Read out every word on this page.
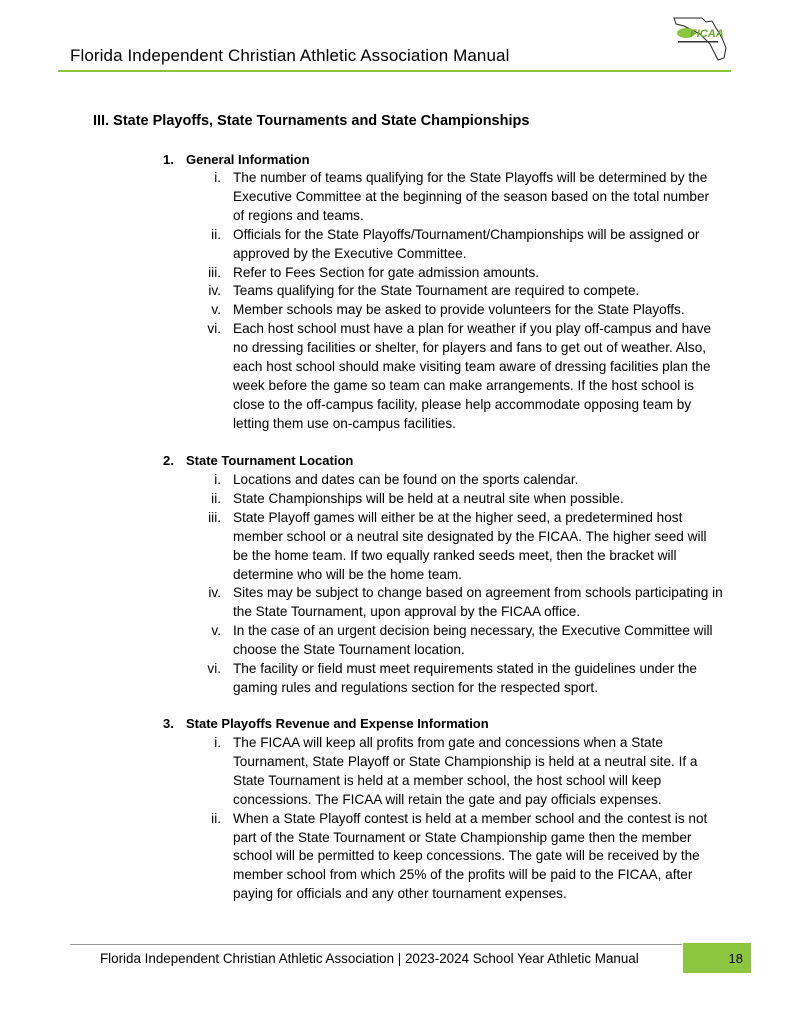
Florida Independent Christian Athletic Association Manual
FICAA
III. State Playoffs, State Tournaments and State Championships
1. General Information
i. The number of teams qualifying for the State Playoffs will be determined by the Executive Committee at the beginning of the season based on the total number of regions and teams.
ii. Officials for the State Playoffs/Tournament/Championships will be assigned or approved by the Executive Committee.
iii. Refer to Fees Section for gate admission amounts.
iv. Teams qualifying for the State Tournament are required to compete.
v. Member schools may be asked to provide volunteers for the State Playoffs.
vi. Each host school must have a plan for weather if you play off-campus and have no dressing facilities or shelter, for players and fans to get out of weather. Also, each host school should make visiting team aware of dressing facilities plan the week before the game so team can make arrangements. If the host school is close to the off-campus facility, please help accommodate opposing team by letting them use on-campus facilities.
2. State Tournament Location
i. Locations and dates can be found on the sports calendar.
ii. State Championships will be held at a neutral site when possible.
iii. State Playoff games will either be at the higher seed, a predetermined host member school or a neutral site designated by the FICAA. The higher seed will be the home team. If two equally ranked seeds meet, then the bracket will determine who will be the home team.
iv. Sites may be subject to change based on agreement from schools participating in the State Tournament, upon approval by the FICAA office.
v. In the case of an urgent decision being necessary, the Executive Committee will choose the State Tournament location.
vi. The facility or field must meet requirements stated in the guidelines under the gaming rules and regulations section for the respected sport.
3. State Playoffs Revenue and Expense Information
i. The FICAA will keep all profits from gate and concessions when a State Tournament, State Playoff or State Championship is held at a neutral site. If a State Tournament is held at a member school, the host school will keep concessions. The FICAA will retain the gate and pay officials expenses.
ii. When a State Playoff contest is held at a member school and the contest is not part of the State Tournament or State Championship game then the member school will be permitted to keep concessions. The gate will be received by the member school from which 25% of the profits will be paid to the FICAA, after paying for officials and any other tournament expenses.
Florida Independent Christian Athletic Association | 2023-2024 School Year Athletic Manual	18
